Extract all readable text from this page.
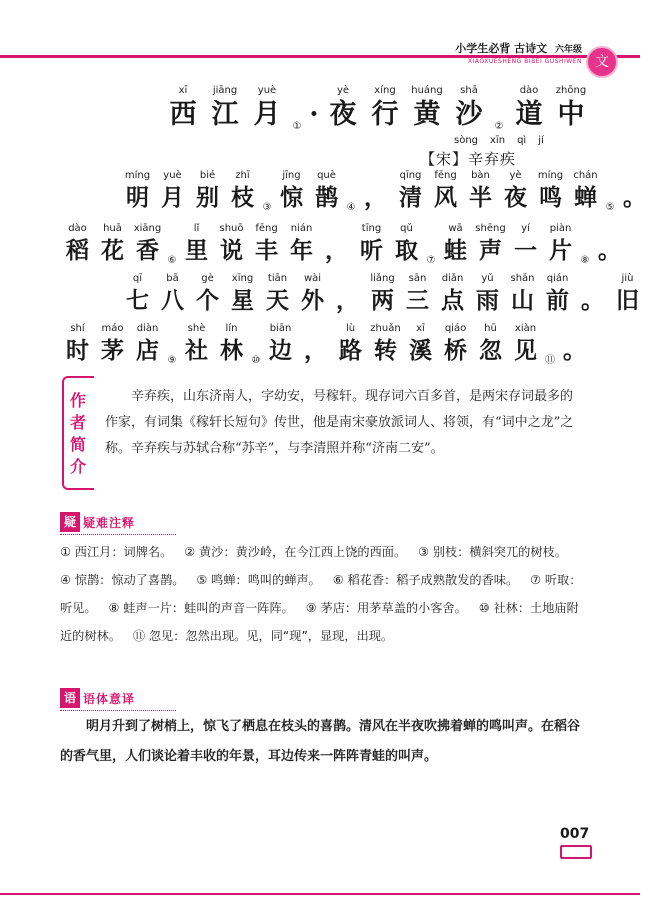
小学生必背 古诗文 六年级
XIAOXUESHENG BIBEI GUSHIWEN 文
xī
西
jiāng
江
yuè
月 ① ·
yè
夜
xíng
行
huáng
黄
shā
沙 ②
dào
道
zhōng
中
sòng xīn qì jí
【宋】辛弃疾
míng
明
yuè
月
bié
别
zhī
枝 ③
jīng
惊
què
鹊 ④ ，
qīng
清
fēng
风
bàn
半
yè
夜
míng
鸣
chán
蝉 ⑤ 。
dào
稻
huā
花
xiāng
香 ⑥
lǐ
里
shuō
说
fēng
丰
nián
年 ，
tīng
听
qǔ
取 ⑦
wā
蛙
shēng
声
yí
一
piàn
片 ⑧ 。
qī
七
bā
八
gè
个
xīng
星
tiān
天
wài
外 ，
liǎng
两
sān
三
diǎn
点
yǔ
雨
shān
山
qián
前 。
jiù
旧
shí
时
máo
茅
diàn
店 ⑨
shè
社
lín
林 ⑩
biān
边 ，
lù
路
zhuǎn
转
xī
溪
qiáo
桥
hū
忽
xiàn
见 ⑪ 。
作者简介
辛弃疾，山东济南人，字幼安，号稼轩。现存词六百多首，是两宋存词最多的作家，有词集《稼轩长短句》传世，他是南宋豪放派词人、将领，有“词中之龙”之称。辛弃疾与苏轼合称“苏辛”，与李清照并称“济南二安”。
疑 疑难注释
① 西江月：词牌名。 ② 黄沙：黄沙岭，在今江西上饶的西面。 ③ 别枝：横斜突兀的树枝。 ④ 惊鹊：惊动了喜鹊。 ⑤ 鸣蝉：鸣叫的蝉声。 ⑥ 稻花香：稻子成熟散发的香味。 ⑦ 听取：听见。 ⑧ 蛙声一片：蛙叫的声音一阵阵。 ⑨ 茅店：用茅草盖的小客舍。 ⑩ 社林：土地庙附近的树林。 ⑪ 忽见：忽然出现。见，同“现”，显现，出现。
语 语体意译
明月升到了树梢上，惊飞了栖息在枝头的喜鹊。清风在半夜吹拂着蝉的鸣叫声。在稻谷的香气里，人们谈论着丰收的年景，耳边传来一阵阵青蛙的叫声。
007
